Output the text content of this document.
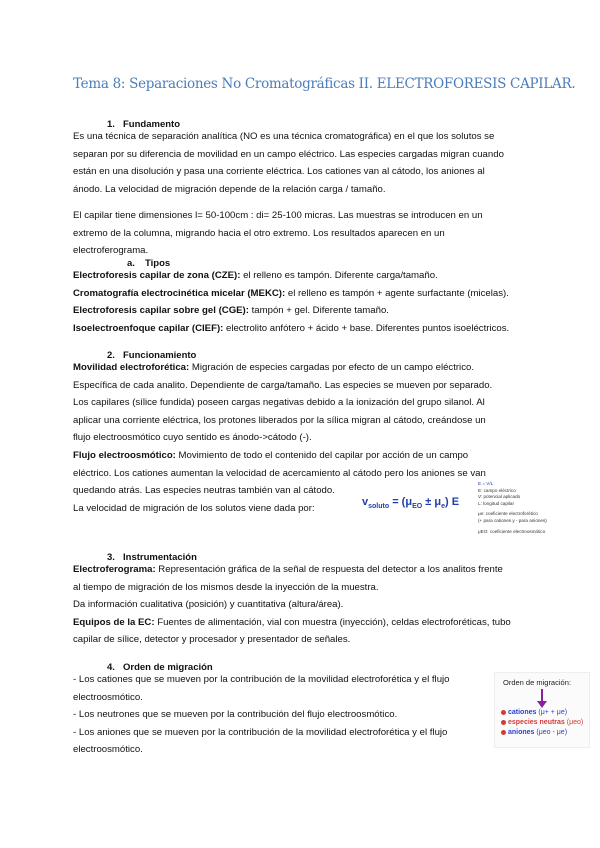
Tema 8: Separaciones No Cromatográficas II. ELECTROFORESIS CAPILAR.
1. Fundamento
Es una técnica de separación analítica (NO es una técnica cromatográfica) en el que los solutos se
separan por su diferencia de movilidad en un campo eléctrico. Las especies cargadas migran cuando
están en una disolución y pasa una corriente eléctrica. Los cationes van al cátodo, los aniones al
ánodo. La velocidad de migración depende de la relación carga / tamaño.
El capilar tiene dimensiones l= 50-100cm : di= 25-100 micras. Las muestras se introducen en un
extremo de la columna, migrando hacia el otro extremo. Los resultados aparecen en un
electroferograma.
a. Tipos
Electroforesis capilar de zona (CZE): el relleno es tampón. Diferente carga/tamaño.
Cromatografía electrocinética micelar (MEKC): el relleno es tampón + agente surfactante (micelas).
Electroforesis capilar sobre gel (CGE): tampón + gel. Diferente tamaño.
Isoelectroenfoque capilar (CIEF): electrolito anfótero + ácido + base. Diferentes puntos isoeléctricos.
2. Funcionamiento
Movilidad electroforética: Migración de especies cargadas por efecto de un campo eléctrico.
Específica de cada analito. Dependiente de carga/tamaño. Las especies se mueven por separado.
Los capilares (sílice fundida) poseen cargas negativas debido a la ionización del grupo silanol. Al
aplicar una corriente eléctrica, los protones liberados por la sílica migran al cátodo, creándose un
flujo electroosmótico cuyo sentido es ánodo->cátodo (-).
Flujo electroosmótico: Movimiento de todo el contenido del capilar por acción de un campo
eléctrico. Los cationes aumentan la velocidad de acercamiento al cátodo pero los aniones se van
quedando atrás. Las especies neutras también van al cátodo.
La velocidad de migración de los solutos viene dada por:
$v_{soluto} = (\mu_{EO} \pm \mu_e)$ E
E = V/L
E: campo eléctrico
V: potencial aplicado
L: longitud capilar
μe: coeficiente electroforético
(+ para cationes y - para aniones)
μEO: coeficiente electroosmótico
3. Instrumentación
Electroferograma: Representación gráfica de la señal de respuesta del detector a los analitos frente
al tiempo de migración de los mismos desde la inyección de la muestra.
Da información cualitativa (posición) y cuantitativa (altura/área).
Equipos de la EC: Fuentes de alimentación, vial con muestra (inyección), celdas electroforéticas, tubo
capilar de sílice, detector y procesador y presentador de señales.
4. Orden de migración
- Los cationes que se mueven por la contribución de la movilidad electroforética y el flujo
electroosmótico.
- Los neutrones que se mueven por la contribución del flujo electroosmótico.
- Los aniones que se mueven por la contribución de la movilidad electroforética y el flujo
electroosmótico.
Orden de migración:
cationes (μ+ + μe)
especies neutras (μeo)
aniones (μeo - μe)
